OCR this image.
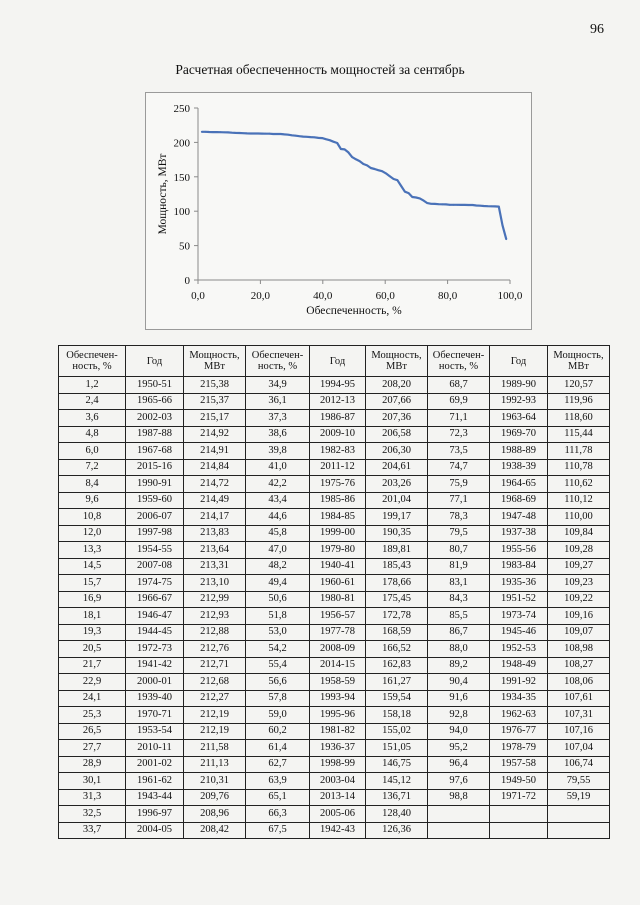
96
Расчетная обеспеченность мощностей за сентябрь
0
50
100
150
200
250
0,0	20,0	40,0	60,0	80,0	100,0
Обеспеченность, %
Мощность, МВт
Обеспечен-ность, %	Год	Мощность, МВт	Обеспечен-ность, %	Год	Мощность, МВт	Обеспечен-ность, %	Год	Мощность, МВт
1,2	1950-51	215,38	34,9	1994-95	208,20	68,7	1989-90	120,57
2,4	1965-66	215,37	36,1	2012-13	207,66	69,9	1992-93	119,96
3,6	2002-03	215,17	37,3	1986-87	207,36	71,1	1963-64	118,60
4,8	1987-88	214,92	38,6	2009-10	206,58	72,3	1969-70	115,44
6,0	1967-68	214,91	39,8	1982-83	206,30	73,5	1988-89	111,78
7,2	2015-16	214,84	41,0	2011-12	204,61	74,7	1938-39	110,78
8,4	1990-91	214,72	42,2	1975-76	203,26	75,9	1964-65	110,62
9,6	1959-60	214,49	43,4	1985-86	201,04	77,1	1968-69	110,12
10,8	2006-07	214,17	44,6	1984-85	199,17	78,3	1947-48	110,00
12,0	1997-98	213,83	45,8	1999-00	190,35	79,5	1937-38	109,84
13,3	1954-55	213,64	47,0	1979-80	189,81	80,7	1955-56	109,28
14,5	2007-08	213,31	48,2	1940-41	185,43	81,9	1983-84	109,27
15,7	1974-75	213,10	49,4	1960-61	178,66	83,1	1935-36	109,23
16,9	1966-67	212,99	50,6	1980-81	175,45	84,3	1951-52	109,22
18,1	1946-47	212,93	51,8	1956-57	172,78	85,5	1973-74	109,16
19,3	1944-45	212,88	53,0	1977-78	168,59	86,7	1945-46	109,07
20,5	1972-73	212,76	54,2	2008-09	166,52	88,0	1952-53	108,98
21,7	1941-42	212,71	55,4	2014-15	162,83	89,2	1948-49	108,27
22,9	2000-01	212,68	56,6	1958-59	161,27	90,4	1991-92	108,06
24,1	1939-40	212,27	57,8	1993-94	159,54	91,6	1934-35	107,61
25,3	1970-71	212,19	59,0	1995-96	158,18	92,8	1962-63	107,31
26,5	1953-54	212,19	60,2	1981-82	155,02	94,0	1976-77	107,16
27,7	2010-11	211,58	61,4	1936-37	151,05	95,2	1978-79	107,04
28,9	2001-02	211,13	62,7	1998-99	146,75	96,4	1957-58	106,74
30,1	1961-62	210,31	63,9	2003-04	145,12	97,6	1949-50	79,55
31,3	1943-44	209,76	65,1	2013-14	136,71	98,8	1971-72	59,19
32,5	1996-97	208,96	66,3	2005-06	128,40			
33,7	2004-05	208,42	67,5	1942-43	126,36			
